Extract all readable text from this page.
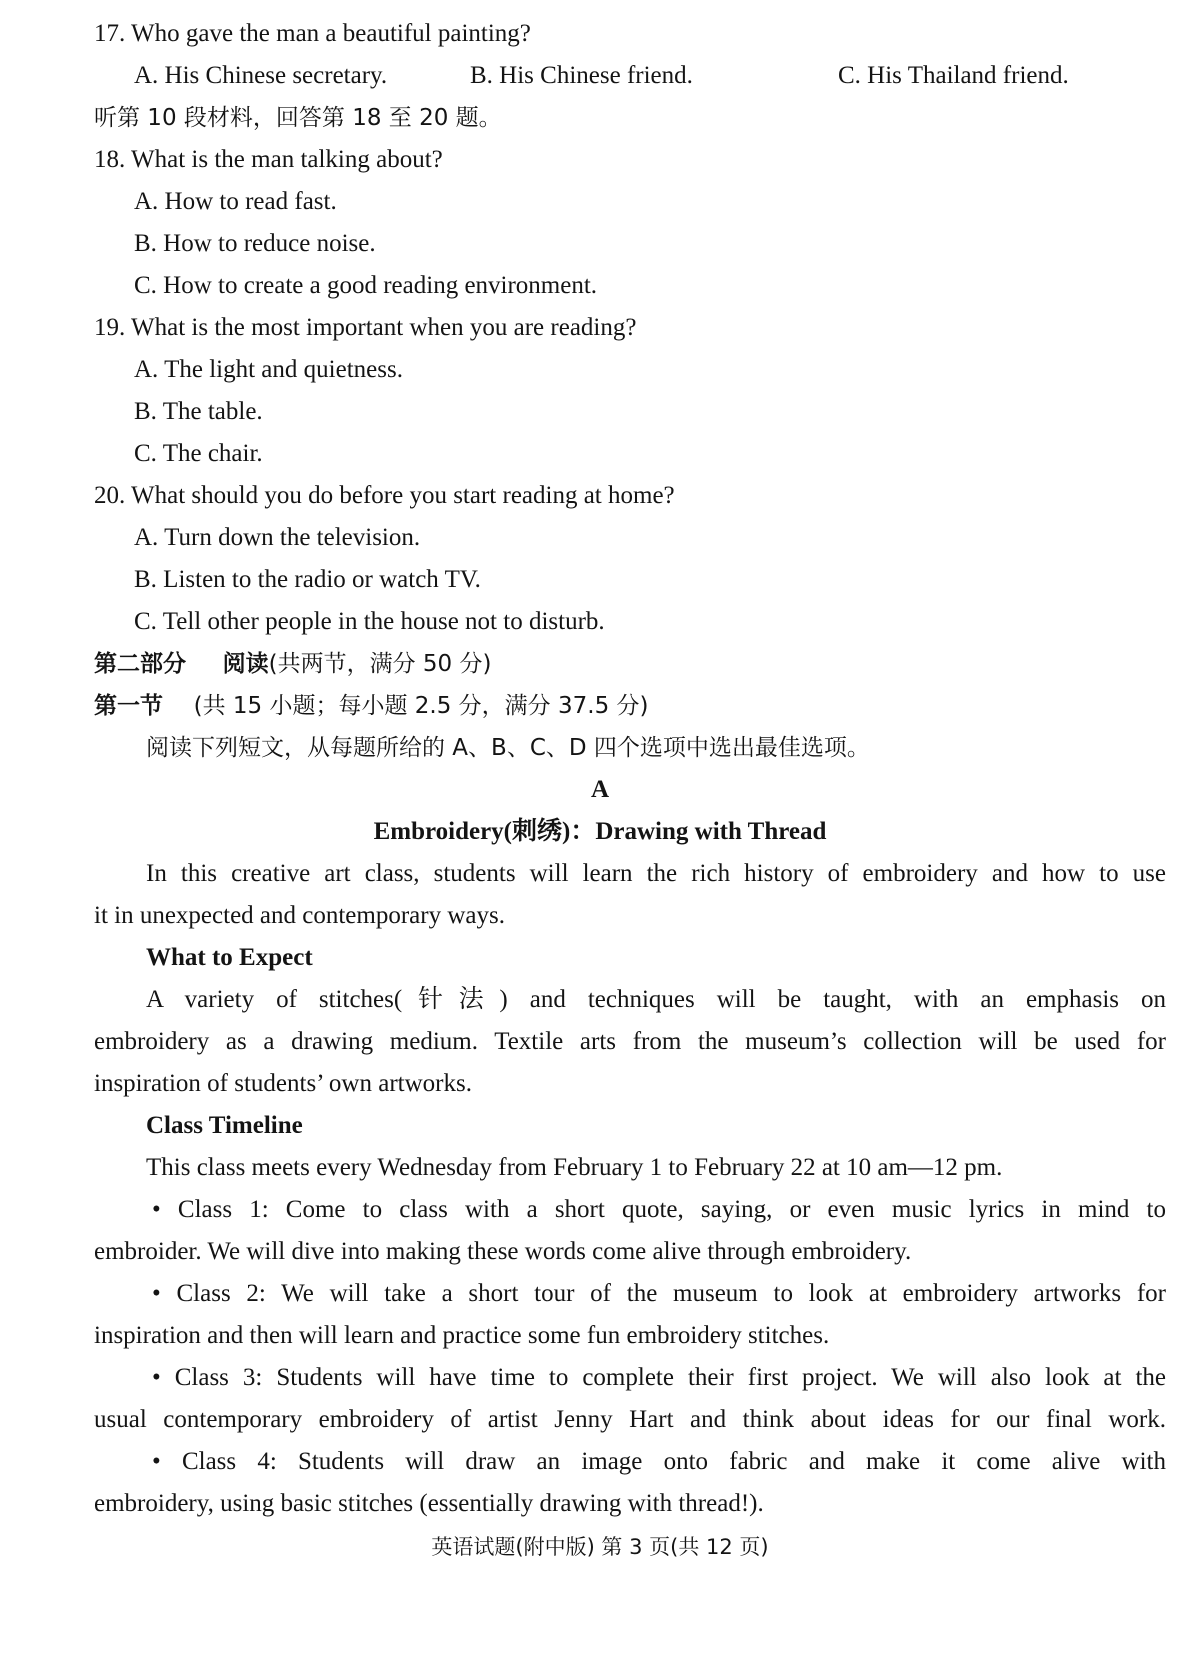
17. Who gave the man a beautiful painting?
A. His Chinese secretary.	B. His Chinese friend.	C. His Thailand friend.
听第 10 段材料，回答第 18 至 20 题。
18. What is the man talking about?
A. How to read fast.
B. How to reduce noise.
C. How to create a good reading environment.
19. What is the most important when you are reading?
A. The light and quietness.
B. The table.
C. The chair.
20. What should you do before you start reading at home?
A. Turn down the television.
B. Listen to the radio or watch TV.
C. Tell other people in the house not to disturb.
第二部分 阅读(共两节，满分 50 分)
第一节 (共 15 小题；每小题 2.5 分，满分 37.5 分)
阅读下列短文，从每题所给的 A、B、C、D 四个选项中选出最佳选项。
A
Embroidery(刺绣)：Drawing with Thread
In this creative art class, students will learn the rich history of embroidery and how to use
it in unexpected and contemporary ways.
What to Expect
A variety of stitches(针法) and techniques will be taught, with an emphasis on
embroidery as a drawing medium. Textile arts from the museum’s collection will be used for
inspiration of students’ own artworks.
Class Timeline
This class meets every Wednesday from February 1 to February 22 at 10 am—12 pm.
• Class 1: Come to class with a short quote, saying, or even music lyrics in mind to
embroider. We will dive into making these words come alive through embroidery.
• Class 2: We will take a short tour of the museum to look at embroidery artworks for
inspiration and then will learn and practice some fun embroidery stitches.
• Class 3: Students will have time to complete their first project. We will also look at the
usual contemporary embroidery of artist Jenny Hart and think about ideas for our final work.
• Class 4: Students will draw an image onto fabric and make it come alive with
embroidery, using basic stitches (essentially drawing with thread!).
英语试题(附中版) 第 3 页(共 12 页)
